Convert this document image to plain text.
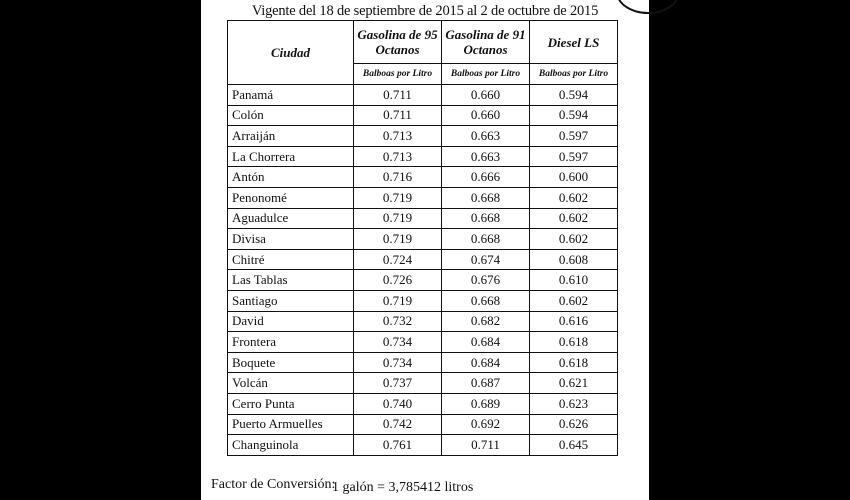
Vigente del 18 de septiembre de 2015 al 2 de octubre de 2015
Ciudad	Gasolina de 95 Octanos	Gasolina de 91 Octanos	Diesel LS
	Balboas por Litro	Balboas por Litro	Balboas por Litro
Panamá	0.711	0.660	0.594
Colón	0.711	0.660	0.594
Arraiján	0.713	0.663	0.597
La Chorrera	0.713	0.663	0.597
Antón	0.716	0.666	0.600
Penonomé	0.719	0.668	0.602
Aguadulce	0.719	0.668	0.602
Divisa	0.719	0.668	0.602
Chitré	0.724	0.674	0.608
Las Tablas	0.726	0.676	0.610
Santiago	0.719	0.668	0.602
David	0.732	0.682	0.616
Frontera	0.734	0.684	0.618
Boquete	0.734	0.684	0.618
Volcán	0.737	0.687	0.621
Cerro Punta	0.740	0.689	0.623
Puerto Armuelles	0.742	0.692	0.626
Changuinola	0.761	0.711	0.645
Factor de Conversión:
1 galón = 3,785412 litros
